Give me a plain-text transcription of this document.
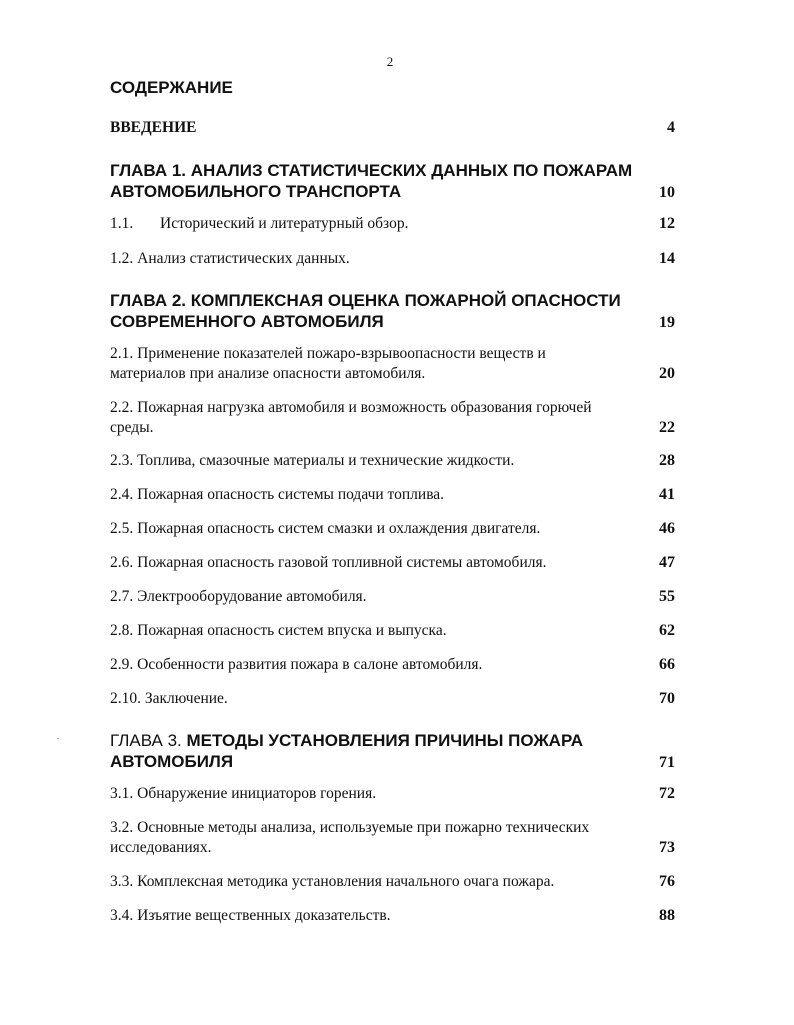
2
СОДЕРЖАНИЕ
ВВЕДЕНИЕ	4
ГЛАВА 1. АНАЛИЗ СТАТИСТИЧЕСКИХ ДАННЫХ ПО ПОЖАРАМ
АВТОМОБИЛЬНОГО ТРАНСПОРТА	10
1.1. Исторический и литературный обзор.	12
1.2. Анализ статистических данных.	14
ГЛАВА 2. КОМПЛЕКСНАЯ ОЦЕНКА ПОЖАРНОЙ ОПАСНОСТИ
СОВРЕМЕННОГО АВТОМОБИЛЯ	19
2.1. Применение показателей пожаро-взрывоопасности веществ и
материалов при анализе опасности автомобиля.	20
2.2. Пожарная нагрузка автомобиля и возможность образования горючей
среды.	22
2.3. Топлива, смазочные материалы и технические жидкости.	28
2.4. Пожарная опасность системы подачи топлива.	41
2.5. Пожарная опасность систем смазки и охлаждения двигателя.	46
2.6. Пожарная опасность газовой топливной системы автомобиля.	47
2.7. Электрооборудование автомобиля.	55
2.8. Пожарная опасность систем впуска и выпуска.	62
2.9. Особенности развития пожара в салоне автомобиля.	66
2.10. Заключение.	70
ГЛАВА 3. МЕТОДЫ УСТАНОВЛЕНИЯ ПРИЧИНЫ ПОЖАРА
АВТОМОБИЛЯ	71
3.1. Обнаружение инициаторов горения.	72
3.2. Основные методы анализа, используемые при пожарно технических
исследованиях.	73
3.3. Комплексная методика установления начального очага пожара.	76
3.4. Изъятие вещественных доказательств.	88
